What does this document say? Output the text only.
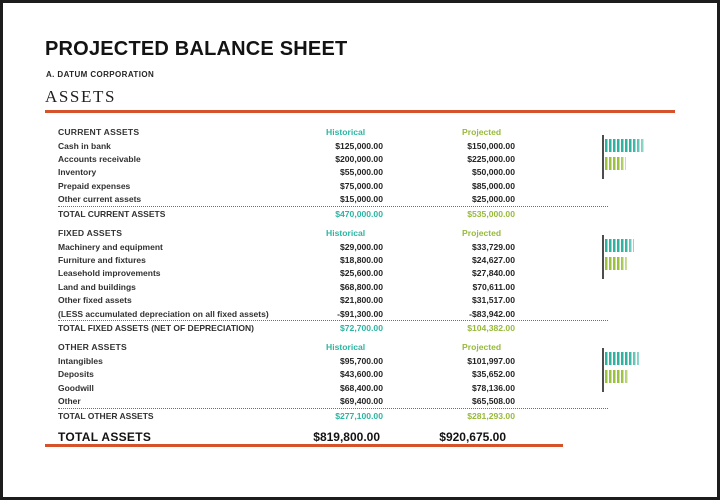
PROJECTED BALANCE SHEET
A. DATUM CORPORATION
ASSETS
CURRENT ASSETS	Historical	Projected
Cash in bank	$125,000.00	$150,000.00
Accounts receivable	$200,000.00	$225,000.00
Inventory	$55,000.00	$50,000.00
Prepaid expenses	$75,000.00	$85,000.00
Other current assets	$15,000.00	$25,000.00
TOTAL CURRENT ASSETS	$470,000.00	$535,000.00
FIXED ASSETS	Historical	Projected
Machinery and equipment	$29,000.00	$33,729.00
Furniture and fixtures	$18,800.00	$24,627.00
Leasehold improvements	$25,600.00	$27,840.00
Land and buildings	$68,800.00	$70,611.00
Other fixed assets	$21,800.00	$31,517.00
(LESS accumulated depreciation on all fixed assets)	-$91,300.00	-$83,942.00
TOTAL FIXED ASSETS (NET OF DEPRECIATION)	$72,700.00	$104,382.00
OTHER ASSETS	Historical	Projected
Intangibles	$95,700.00	$101,997.00
Deposits	$43,600.00	$35,652.00
Goodwill	$68,400.00	$78,136.00
Other	$69,400.00	$65,508.00
TOTAL OTHER ASSETS	$277,100.00	$281,293.00
TOTAL ASSETS	$819,800.00	$920,675.00
